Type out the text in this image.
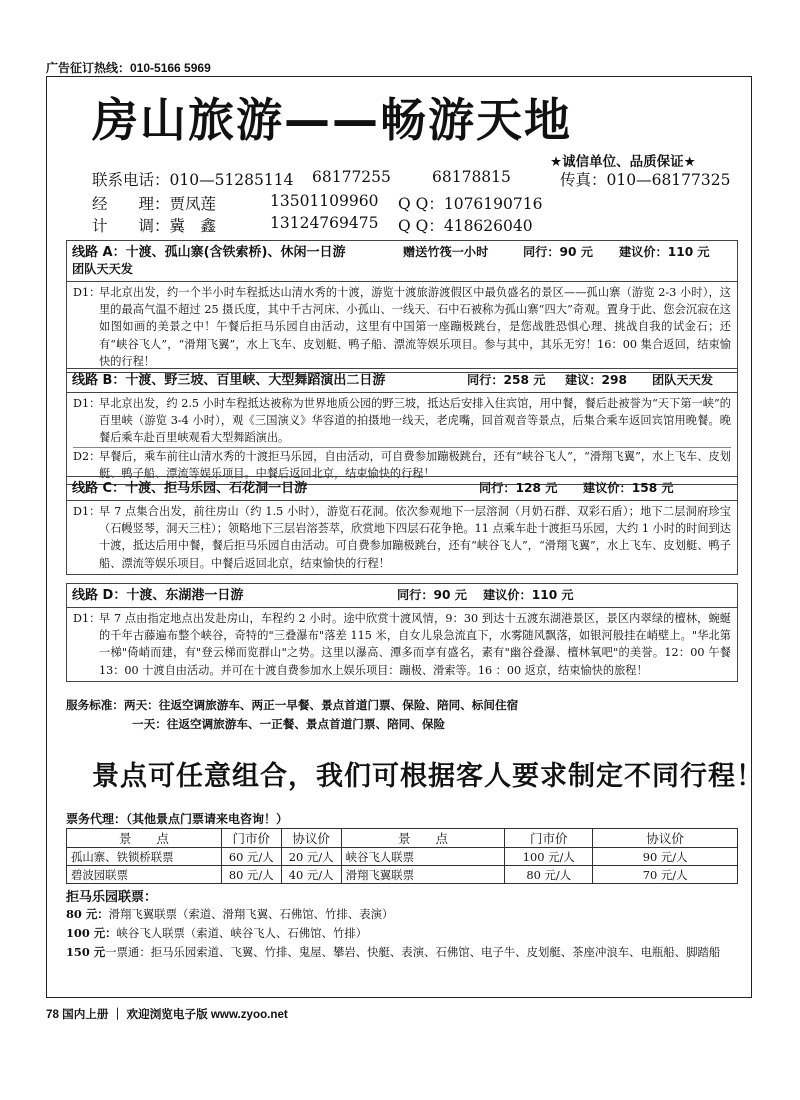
广告征订热线：010-5166 5969
房山旅游——畅游天地
★诚信单位、品质保证★
联系电话：010—51285114 68177255	68178815	传真：010—68177325
经　　理：贾凤莲	13501109960 Q Q：1076190716
计　　调：冀　鑫	13124769475 Q Q：418626040
线路 A：十渡、孤山寨(含铁索桥)、休闲一日游	赠送竹筏一小时	同行：90 元 建议价：110 元
团队天天发
D1：
早北京出发，约一个半小时车程抵达山清水秀的十渡，游览十渡旅游渡假区中最负盛名的景区——孤山寨（游览 2-3 小时），这里的最高气温不超过 25 摄氏度，其中千古河床、小孤山、一线天、石中石被称为孤山寨“四大”奇观。置身于此、您会沉寂在这如图如画的美景之中！午餐后拒马乐园自由活动，这里有中国第一座蹦极跳台，是您战胜恐惧心理、挑战自我的试金石；还有“峡谷飞人”，“滑翔飞翼”，水上飞车、皮划艇、鸭子船、漂流等娱乐项目。参与其中，其乐无穷！16：00 集合返回，结束愉快的行程！
线路 B：十渡、野三坡、百里峡、大型舞蹈演出二日游	同行：258 元 建议：298 团队天天发
D1：
早北京出发，约 2.5 小时车程抵达被称为世界地质公园的野三坡，抵达后安排入住宾馆，用中餐，餐后赴被誉为“天下第一峡”的百里峡（游览 3-4 小时），观《三国演义》华容道的拍摄地一线天，老虎嘴，回首观音等景点，后集合乘车返回宾馆用晚餐。晚餐后乘车赴百里峡观看大型舞蹈演出。
D2：
早餐后，乘车前往山清水秀的十渡拒马乐园，自由活动，可自费参加蹦极跳台，还有“峡谷飞人”，“滑翔飞翼”，水上飞车、皮划艇、鸭子船、漂流等娱乐项目。中餐后返回北京，结束愉快的行程！
线路 C：十渡、拒马乐园、石花洞一日游	同行：128 元 建议价：158 元
D1：
早 7 点集合出发，前往房山（约 1.5 小时），游览石花洞。依次参观地下一层溶洞（月奶石群、双彩石盾）；地下二层洞府珍宝（石幔竖琴，洞天三柱）；领略地下三层岩溶荟萃，欣赏地下四层石花争艳。11 点乘车赴十渡拒马乐园，大约 1 小时的时间到达十渡，抵达后用中餐，餐后拒马乐园自由活动。可自费参加蹦极跳台，还有“峡谷飞人”，“滑翔飞翼”，水上飞车、皮划艇、鸭子船、漂流等娱乐项目。中餐后返回北京，结束愉快的行程！
线路 D：十渡、东湖港一日游	同行：90 元 建议价：110 元
D1：
早 7 点由指定地点出发赴房山，车程约 2 小时。途中欣赏十渡风情，9：30 到达十五渡东湖港景区，景区内翠绿的檀林，蜿蜒的千年古藤遍布整个峡谷，奇特的"三叠瀑布"落差 115 米，自女儿泉急流直下，水雾随风飘落，如银河般挂在峭壁上。"华北第一梯"倚峭而建，有"登云梯而览群山"之势。这里以瀑高、潭多而享有盛名，素有"幽谷叠瀑、檀林氧吧"的美誉。12：00 午餐 13：00 十渡自由活动。并可在十渡自费参加水上娱乐项目：蹦极、滑索等。16 ：00 返京，结束愉快的旅程！
服务标准：两天：往返空调旅游车、两正一早餐、景点首道门票、保险、陪同、标间住宿
一天：往返空调旅游车、一正餐、景点首道门票、陪同、保险
景点可任意组合，我们可根据客人要求制定不同行程！
票务代理：（其他景点门票请来电咨询！）
景　　点	门市价	协议价	景　　点	门市价	协议价
孤山寨、铁锁桥联票	60 元/人	20 元/人	峡谷飞人联票	100 元/人	90 元/人
碧波园联票	80 元/人	40 元/人	滑翔飞翼联票	80 元/人	70 元/人
拒马乐园联票：
80 元：滑翔飞翼联票（索道、滑翔飞翼、石佛馆、竹排、表演）
100 元：峡谷飞人联票（索道、峡谷飞人、石佛馆、竹排）
150 元一票通：拒马乐园索道、飞翼、竹排、鬼屋、攀岩、快艇、表演、石佛馆、电子牛、皮划艇、茶座冲浪车、电瓶船、脚踏船
78 国内上册 ｜ 欢迎浏览电子版 www.zyoo.net
